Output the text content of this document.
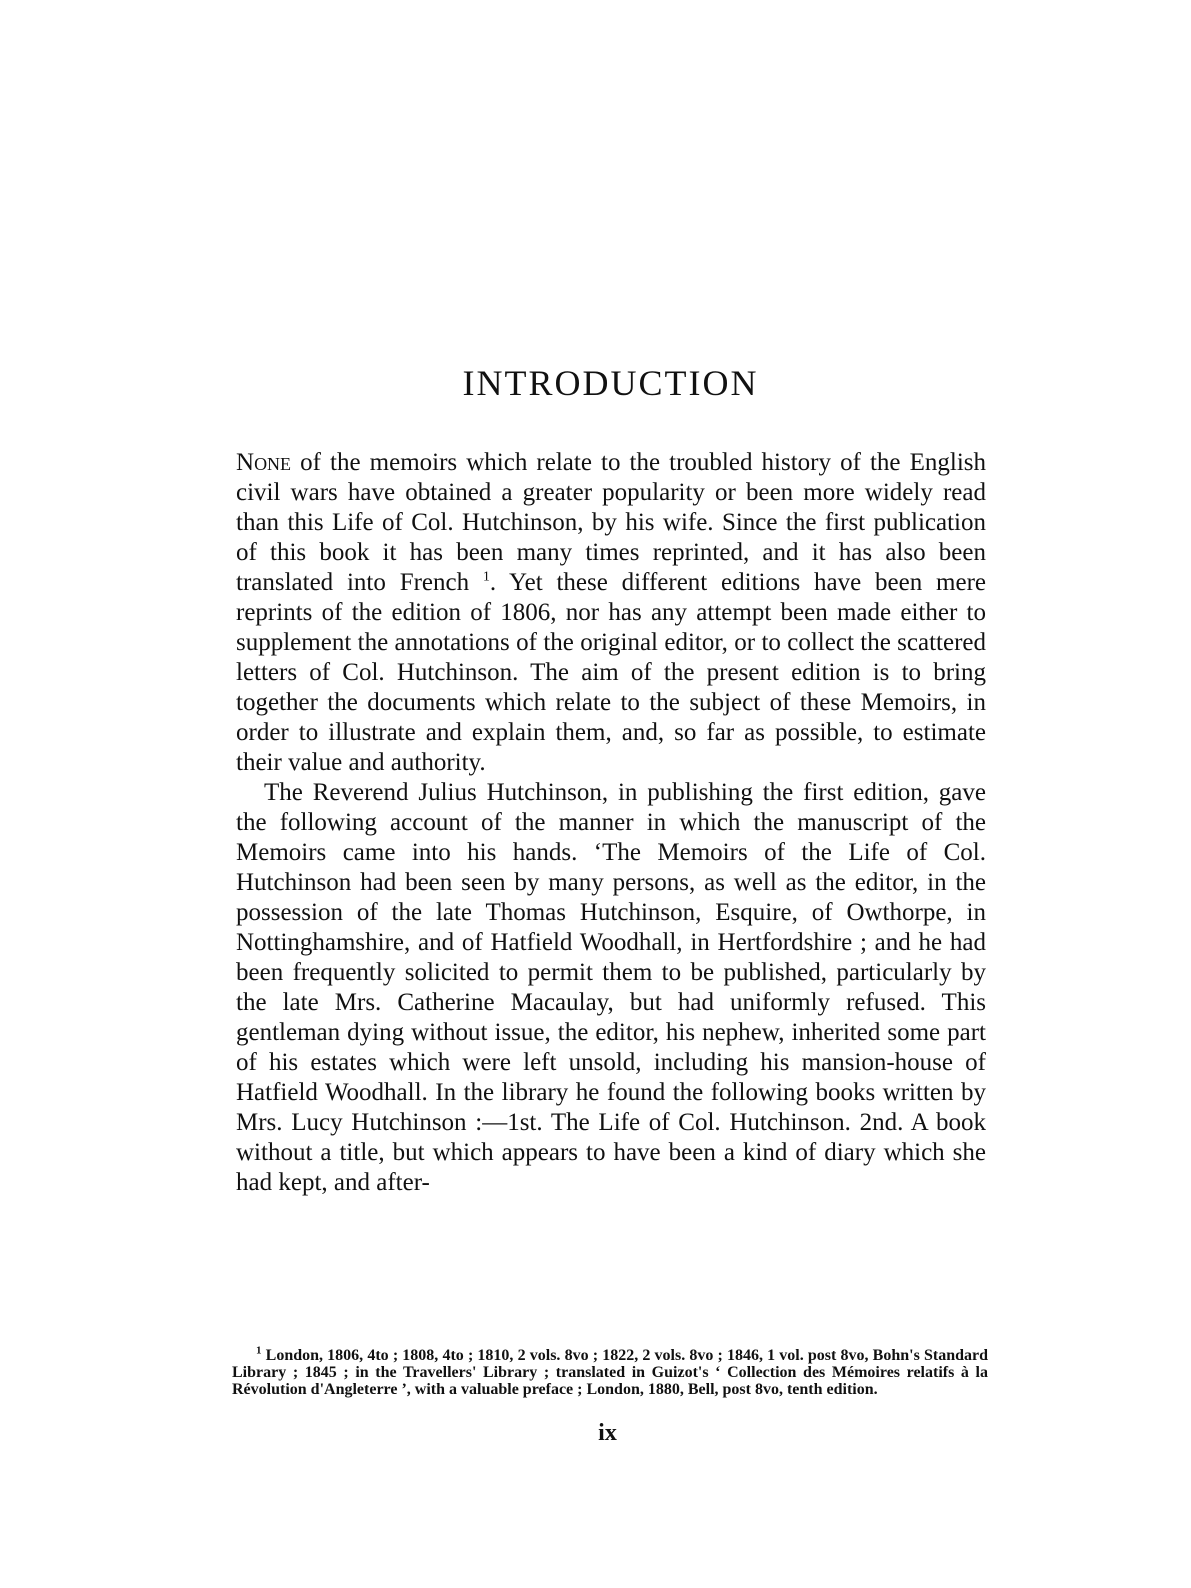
INTRODUCTION

None of the memoirs which relate to the troubled history of the English civil wars have obtained a greater popularity or been more widely read than this Life of Col. Hutchinson, by his wife. Since the first publication of this book it has been many times reprinted, and it has also been translated into French $^1$. Yet these different editions have been mere reprints of the edition of 1806, nor has any attempt been made either to supplement the annotations of the original editor, or to collect the scattered letters of Col. Hutchinson. The aim of the present edition is to bring together the documents which relate to the subject of these Memoirs, in order to illustrate and explain them, and, so far as possible, to estimate their value and authority.

The Reverend Julius Hutchinson, in publishing the first edition, gave the following account of the manner in which the manuscript of the Memoirs came into his hands. ‘The Memoirs of the Life of Col. Hutchinson had been seen by many persons, as well as the editor, in the possession of the late Thomas Hutchinson, Esquire, of Owthorpe, in Nottinghamshire, and of Hatfield Woodhall, in Hertfordshire ; and he had been frequently solicited to permit them to be published, particularly by the late Mrs. Catherine Macaulay, but had uniformly refused. This gentleman dying without issue, the editor, his nephew, inherited some part of his estates which were left unsold, including his mansion-house of Hatfield Woodhall. In the library he found the following books written by Mrs. Lucy Hutchinson :—1st. The Life of Col. Hutchinson. 2nd. A book without a title, but which appears to have been a kind of diary which she had kept, and after-

$^1$ London, 1806, 4to ; 1808, 4to ; 1810, 2 vols. 8vo ; 1822, 2 vols. 8vo ; 1846, 1 vol. post 8vo, Bohn's Standard Library ; 1845 ; in the Travellers' Library ; translated in Guizot's ‘ Collection des Mémoires relatifs à la Révolution d'Angleterre ’, with a valuable preface ; London, 1880, Bell, post 8vo, tenth edition.

ix
